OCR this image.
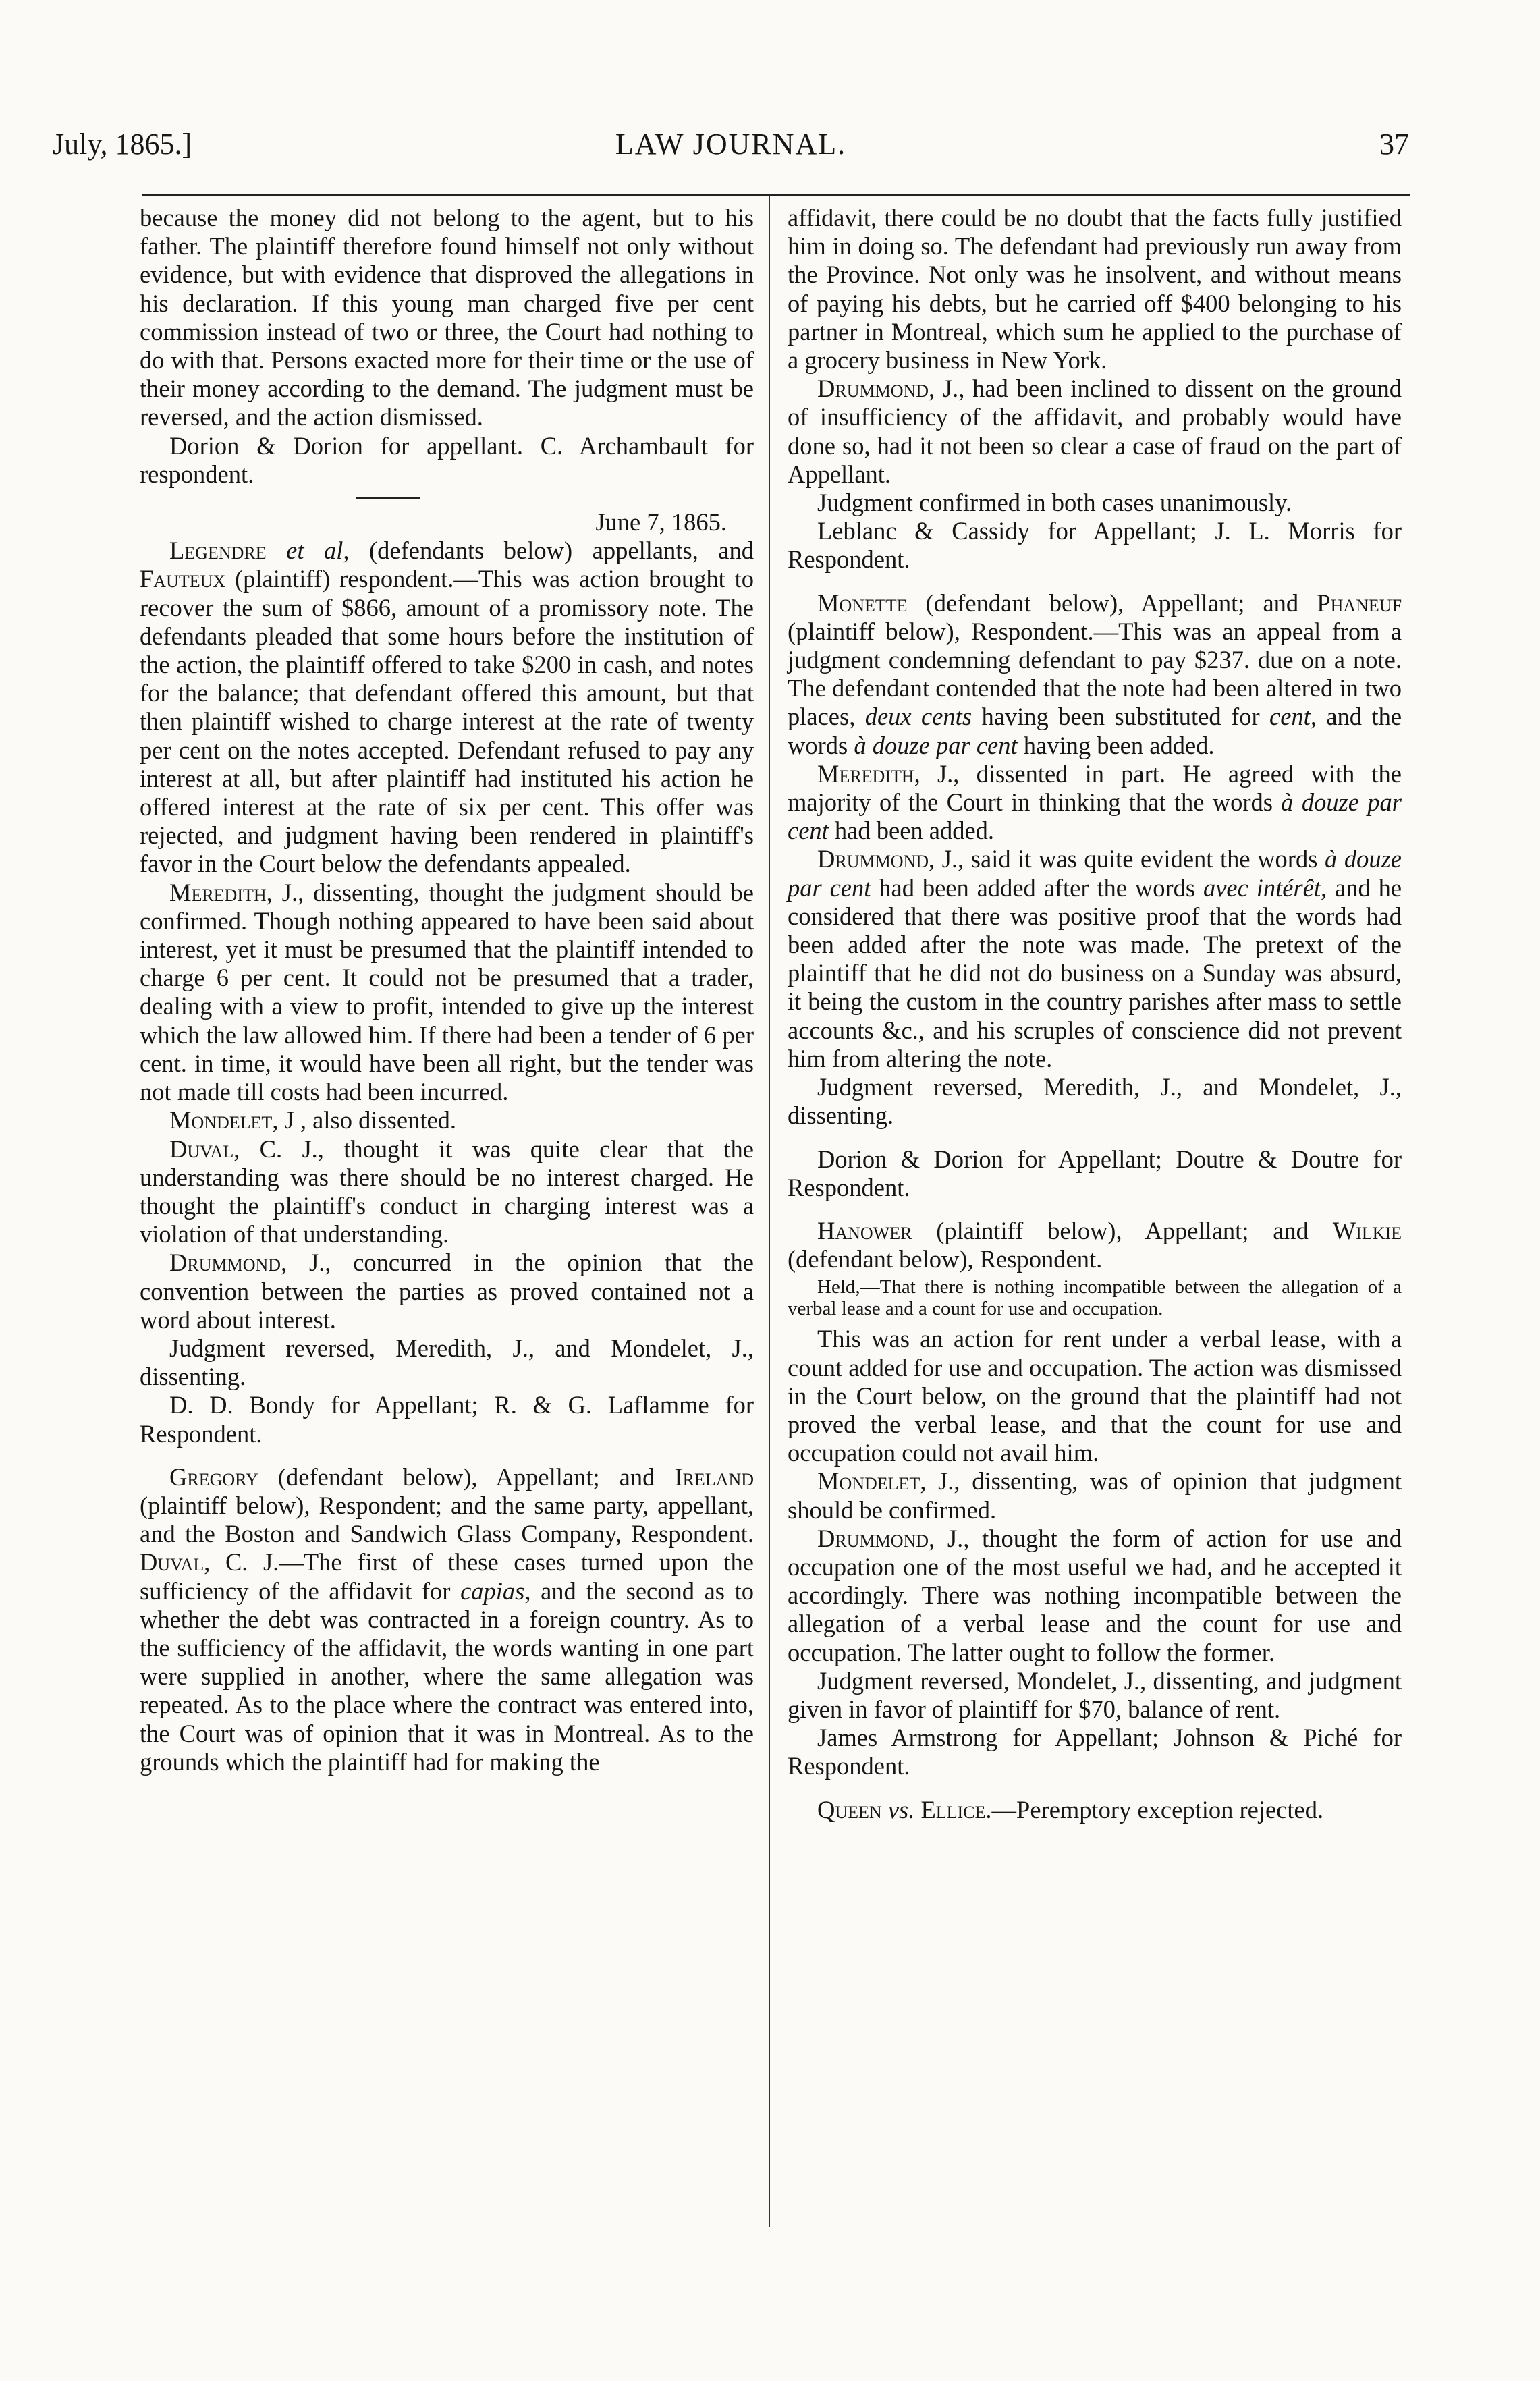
July, 1865.]	LAW JOURNAL.	37

because the money did not belong to the agent, but to his father. The plaintiff therefore found himself not only without evidence, but with evidence that disproved the allegations in his declaration. If this young man charged five per cent commission instead of two or three, the Court had nothing to do with that. Persons exacted more for their time or the use of their money according to the demand. The judgment must be reversed, and the action dismissed.

Dorion & Dorion for appellant. C. Archambault for respondent.

June 7, 1865.

Legendre et al, (defendants below) appellants, and Fauteux (plaintiff) respondent.—This was action brought to recover the sum of $866, amount of a promissory note. The defendants pleaded that some hours before the institution of the action, the plaintiff offered to take $200 in cash, and notes for the balance; that defendant offered this amount, but that then plaintiff wished to charge interest at the rate of twenty per cent on the notes accepted. Defendant refused to pay any interest at all, but after plaintiff had instituted his action he offered interest at the rate of six per cent. This offer was rejected, and judgment having been rendered in plaintiff's favor in the Court below the defendants appealed.

Meredith, J., dissenting, thought the judgment should be confirmed. Though nothing appeared to have been said about interest, yet it must be presumed that the plaintiff intended to charge 6 per cent. It could not be presumed that a trader, dealing with a view to profit, intended to give up the interest which the law allowed him. If there had been a tender of 6 per cent. in time, it would have been all right, but the tender was not made till costs had been incurred.

Mondelet, J , also dissented.

Duval, C. J., thought it was quite clear that the understanding was there should be no interest charged. He thought the plaintiff's conduct in charging interest was a violation of that understanding.

Drummond, J., concurred in the opinion that the convention between the parties as proved contained not a word about interest.

Judgment reversed, Meredith, J., and Mondelet, J., dissenting.

D. D. Bondy for Appellant; R. & G. Laflamme for Respondent.

Gregory (defendant below), Appellant; and Ireland (plaintiff below), Respondent; and the same party, appellant, and the Boston and Sandwich Glass Company, Respondent. Duval, C. J.—The first of these cases turned upon the sufficiency of the affidavit for capias, and the second as to whether the debt was contracted in a foreign country. As to the sufficiency of the affidavit, the words wanting in one part were supplied in another, where the same allegation was repeated. As to the place where the contract was entered into, the Court was of opinion that it was in Montreal. As to the grounds which the plaintiff had for making the

affidavit, there could be no doubt that the facts fully justified him in doing so. The defendant had previously run away from the Province. Not only was he insolvent, and without means of paying his debts, but he carried off $400 belonging to his partner in Montreal, which sum he applied to the purchase of a grocery business in New York.

Drummond, J., had been inclined to dissent on the ground of insufficiency of the affidavit, and probably would have done so, had it not been so clear a case of fraud on the part of Appellant.

Judgment confirmed in both cases unanimously.

Leblanc & Cassidy for Appellant; J. L. Morris for Respondent.

Monette (defendant below), Appellant; and Phaneuf (plaintiff below), Respondent.—This was an appeal from a judgment condemning defendant to pay $237. due on a note. The defendant contended that the note had been altered in two places, deux cents having been substituted for cent, and the words à douze par cent having been added.

Meredith, J., dissented in part. He agreed with the majority of the Court in thinking that the words à douze par cent had been added.

Drummond, J., said it was quite evident the words à douze par cent had been added after the words avec intérêt, and he considered that there was positive proof that the words had been added after the note was made. The pretext of the plaintiff that he did not do business on a Sunday was absurd, it being the custom in the country parishes after mass to settle accounts &c., and his scruples of conscience did not prevent him from altering the note.

Judgment reversed, Meredith, J., and Mondelet, J., dissenting.

Dorion & Dorion for Appellant; Doutre & Doutre for Respondent.

Hanower (plaintiff below), Appellant; and Wilkie (defendant below), Respondent.

Held,—That there is nothing incompatible between the allegation of a verbal lease and a count for use and occupation.

This was an action for rent under a verbal lease, with a count added for use and occupation. The action was dismissed in the Court below, on the ground that the plaintiff had not proved the verbal lease, and that the count for use and occupation could not avail him.

Mondelet, J., dissenting, was of opinion that judgment should be confirmed.

Drummond, J., thought the form of action for use and occupation one of the most useful we had, and he accepted it accordingly. There was nothing incompatible between the allegation of a verbal lease and the count for use and occupation. The latter ought to follow the former.

Judgment reversed, Mondelet, J., dissenting, and judgment given in favor of plaintiff for $70, balance of rent.

James Armstrong for Appellant; Johnson & Piché for Respondent.

Queen vs. Ellice.—Peremptory exception rejected.
